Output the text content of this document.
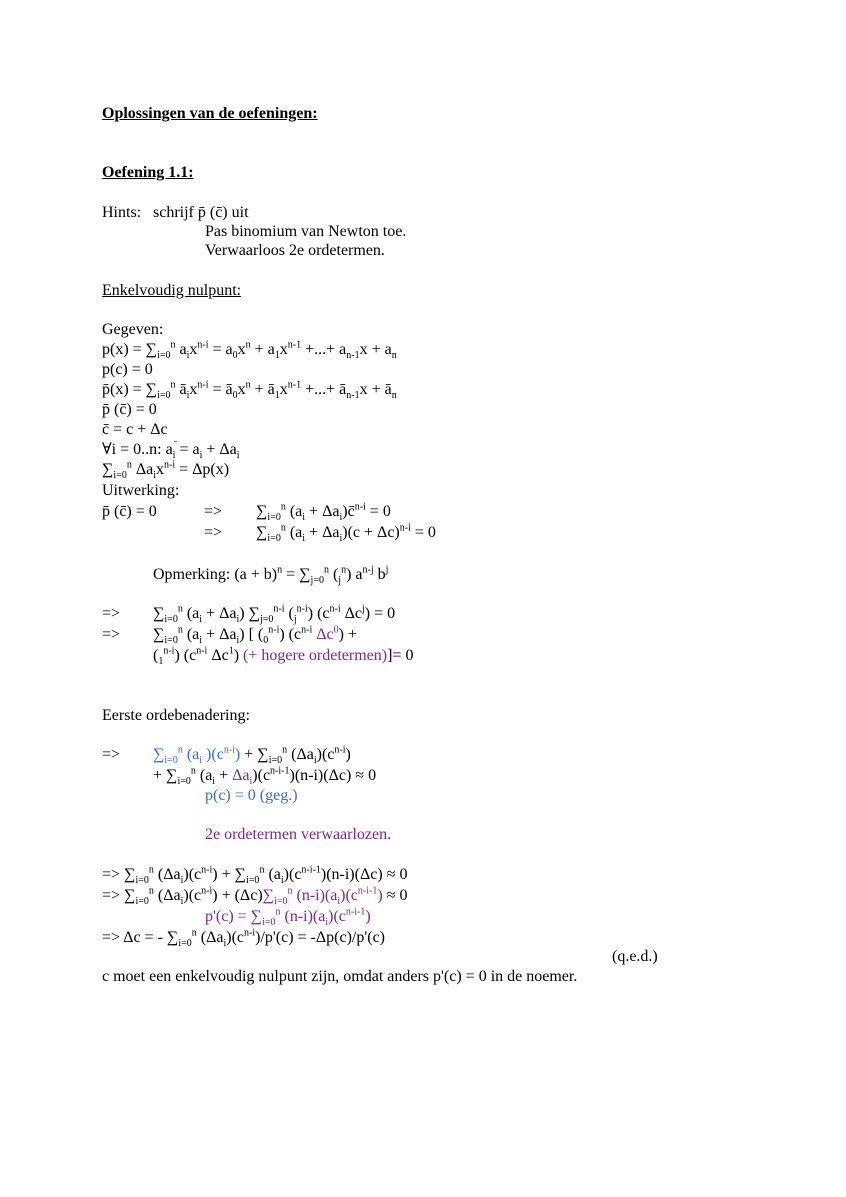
Oplossingen van de oefeningen:
Oefening 1.1:
Hints: schrijf p̄ (c̄) uit
Pas binomium van Newton toe.
Verwaarloos 2e ordetermen.
Enkelvoudig nulpunt:
Gegeven:
$p(x) = \sum_{i=0}^n$ $a_ix^{n-i} = a_0x^n + a_1x^{n-1}$ +...+ $a_{n-1}x + a_n$
p(c) = 0
p̄(x) = $\sum_{i=0}^n$ $ā_ix^{n-i}$ = $ā_0x^n$ + $ā_1x^{n-1}$ +...+ $ā_{n-1}x$ + $ā_n$
p̄ (c̄) = 0
c̄ = c + Δc
∀i = 0..n: $a_i = a_i + \Delta a_i$
$\sum_{i=0}^n$ $\Delta a_ix^{n-i} = \Delta p(x)$
Uitwerking:
p̄ (c̄) = 0	=> $\sum_{i=0}^n$ ($a_i$ + $\Delta a_i)c̄^{n-i} = 0$
=> $\sum_{i=0}^n$ $(a_i + \Delta a_i)(c + \Delta c)^{n-i} = 0$
Opmerking: $(a + b)^n = \sum_{j=0}^n$ $(_j^n)$ $a^{n-j}$ $b^j$
=> $\sum_{i=0}^n$ $(a_i + \Delta a_i)$ $\sum_{j=0}^{n-i}$ $(_j^{n-i})$ ($c^{n-i}$ $\Delta c^j) = 0$
=> $\sum_{i=0}^n$ $(a_i + \Delta a_i)$ [ $(_0^{n-i})$ ($c^{n-i}$ $\Delta c^0$) +
$(_1^{n-i})$ ($c^{n-i}$ $\Delta c^1$) (+ hogere ordetermen)]= 0
Eerste ordebenadering:
=> $\sum_{i=0}^n$ ($a_i$ )$(c^{n-i}) + \sum_{i=0}^n$ $(\Delta a_i)(c^{n-i})$
+ $\sum_{i=0}^n$ $(a_i + \Delta a_i)(c^{n-i-1})(n-i)(\Delta c) \approx 0$
p(c) = 0 (geg.)
2e ordetermen verwaarlozen.
=> $\sum_{i=0}^n$ $(\Delta a_i)(c^{n-i}) + \sum_{i=0}^n$ $(a_i)(c^{n-i-1})(n-i)(\Delta c) \approx 0$
=> $\sum_{i=0}^n$ $(\Delta a_i)(c^{n-i}) + (\Delta c)\sum_{i=0}^n$ $(n-i)(a_i)(c^{n-i-1}) \approx 0$
$p'(c) = \sum_{i=0}^n$ $(n-i)(a_i)(c^{n-i-1})$
=> Δc = - $\sum_{i=0}^n$ $(\Delta a_i)(c^{n-i})/p'(c) = -\Delta p(c)/p'(c)$
(q.e.d.)
c moet een enkelvoudig nulpunt zijn, omdat anders p'(c) = 0 in de noemer.
